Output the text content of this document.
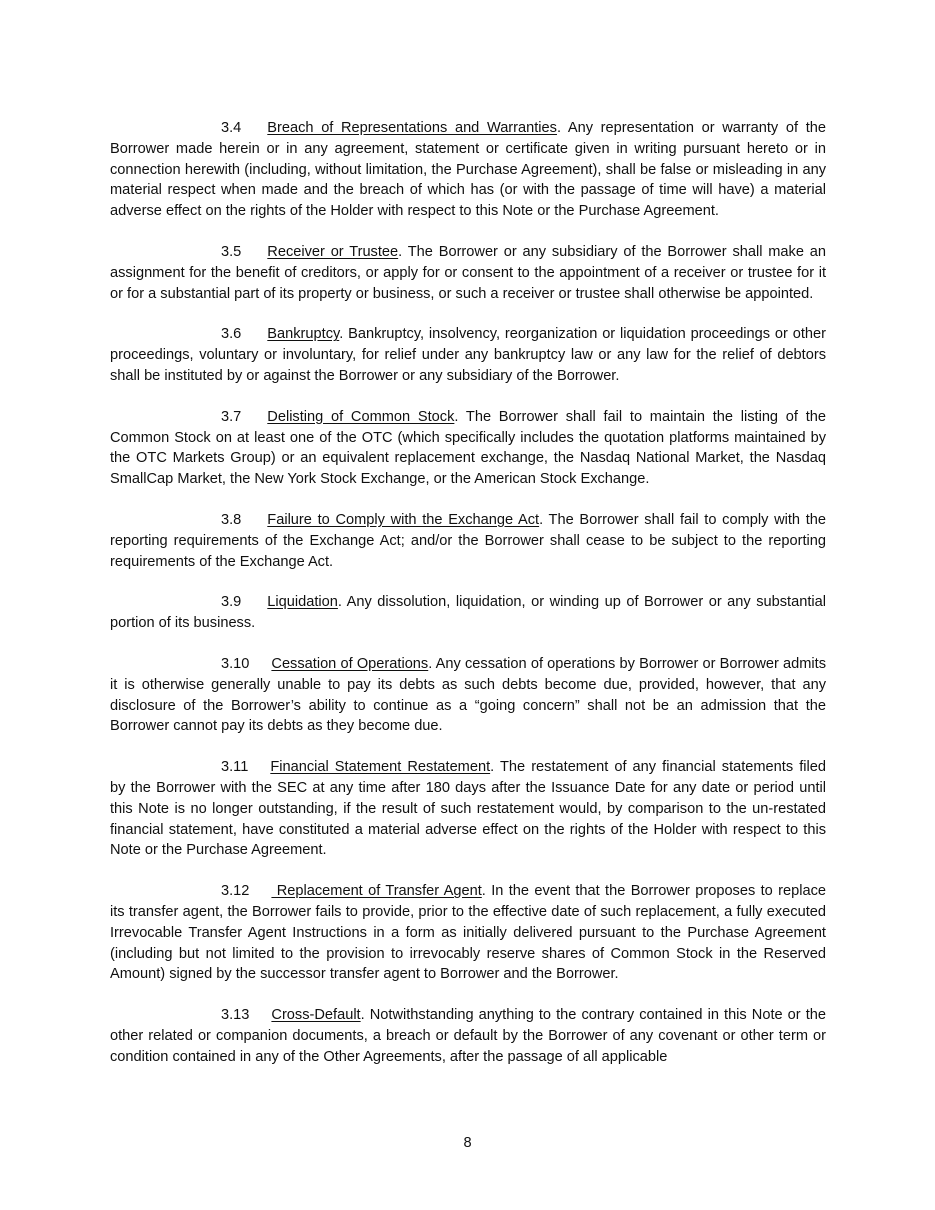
3.4 Breach of Representations and Warranties. Any representation or warranty of the Borrower made herein or in any agreement, statement or certificate given in writing pursuant hereto or in connection herewith (including, without limitation, the Purchase Agreement), shall be false or misleading in any material respect when made and the breach of which has (or with the passage of time will have) a material adverse effect on the rights of the Holder with respect to this Note or the Purchase Agreement.

3.5 Receiver or Trustee. The Borrower or any subsidiary of the Borrower shall make an assignment for the benefit of creditors, or apply for or consent to the appointment of a receiver or trustee for it or for a substantial part of its property or business, or such a receiver or trustee shall otherwise be appointed.

3.6 Bankruptcy. Bankruptcy, insolvency, reorganization or liquidation proceedings or other proceedings, voluntary or involuntary, for relief under any bankruptcy law or any law for the relief of debtors shall be instituted by or against the Borrower or any subsidiary of the Borrower.

3.7 Delisting of Common Stock. The Borrower shall fail to maintain the listing of the Common Stock on at least one of the OTC (which specifically includes the quotation platforms maintained by the OTC Markets Group) or an equivalent replacement exchange, the Nasdaq National Market, the Nasdaq SmallCap Market, the New York Stock Exchange, or the American Stock Exchange.

3.8 Failure to Comply with the Exchange Act. The Borrower shall fail to comply with the reporting requirements of the Exchange Act; and/or the Borrower shall cease to be subject to the reporting requirements of the Exchange Act.

3.9 Liquidation. Any dissolution, liquidation, or winding up of Borrower or any substantial portion of its business.

3.10 Cessation of Operations. Any cessation of operations by Borrower or Borrower admits it is otherwise generally unable to pay its debts as such debts become due, provided, however, that any disclosure of the Borrower’s ability to continue as a “going concern” shall not be an admission that the Borrower cannot pay its debts as they become due.

3.11 Financial Statement Restatement. The restatement of any financial statements filed by the Borrower with the SEC at any time after 180 days after the Issuance Date for any date or period until this Note is no longer outstanding, if the result of such restatement would, by comparison to the un-restated financial statement, have constituted a material adverse effect on the rights of the Holder with respect to this Note or the Purchase Agreement.

3.12 Replacement of Transfer Agent. In the event that the Borrower proposes to replace its transfer agent, the Borrower fails to provide, prior to the effective date of such replacement, a fully executed Irrevocable Transfer Agent Instructions in a form as initially delivered pursuant to the Purchase Agreement (including but not limited to the provision to irrevocably reserve shares of Common Stock in the Reserved Amount) signed by the successor transfer agent to Borrower and the Borrower.

3.13 Cross-Default. Notwithstanding anything to the contrary contained in this Note or the other related or companion documents, a breach or default by the Borrower of any covenant or other term or condition contained in any of the Other Agreements, after the passage of all applicable

8
